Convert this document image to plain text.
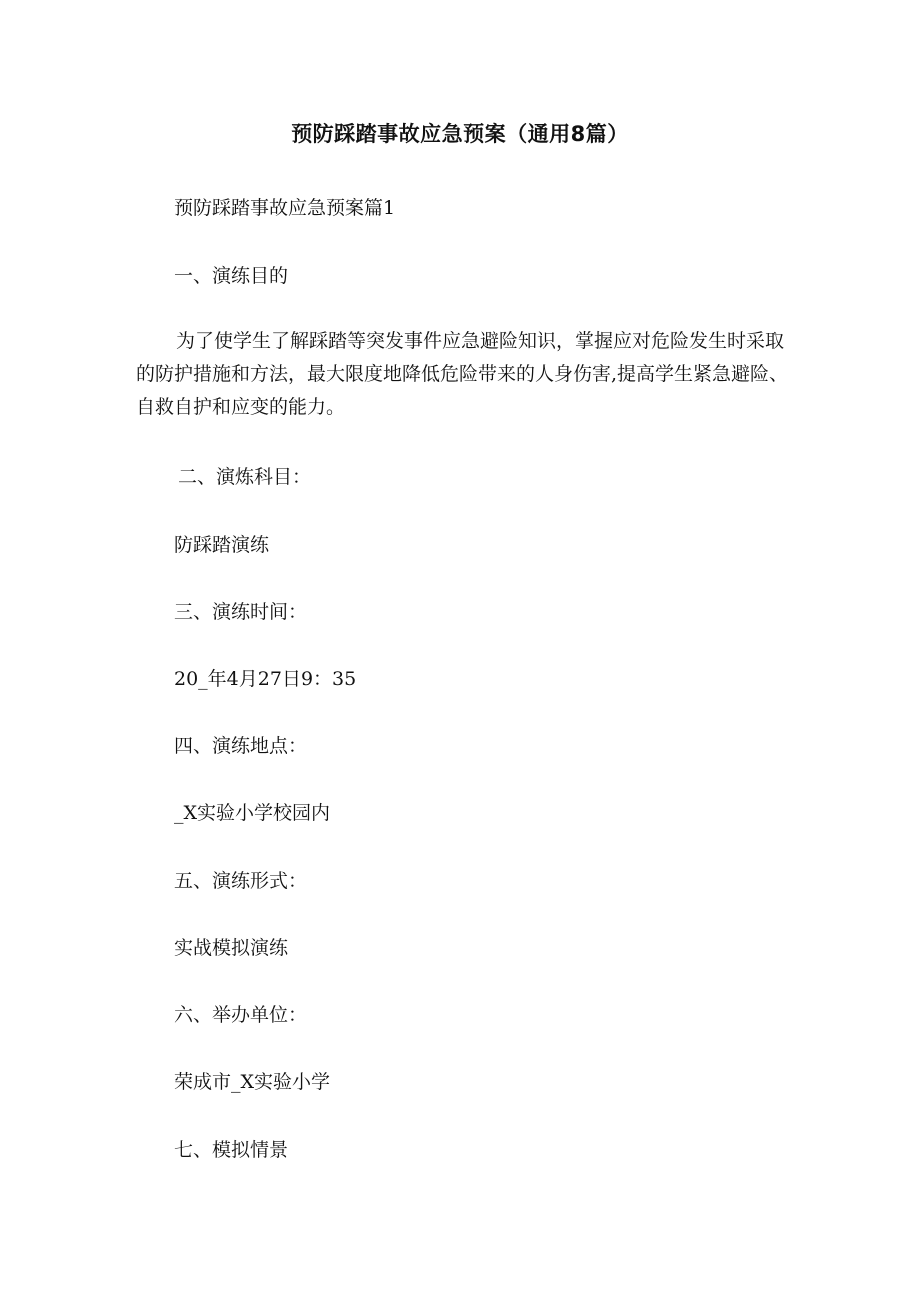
预防踩踏事故应急预案（通用8篇）
预防踩踏事故应急预案篇1
一、演练目的
为了使学生了解踩踏等突发事件应急避险知识，掌握应对危险发生时采取的防护措施和方法，最大限度地降低危险带来的人身伤害,提高学生紧急避险、自救自护和应变的能力。
二、演炼科目：
防踩踏演练
三、演练时间：
20_年4月27日9：35
四、演练地点：
_X实验小学校园内
五、演练形式：
实战模拟演练
六、举办单位：
荣成市_X实验小学
七、模拟情景
